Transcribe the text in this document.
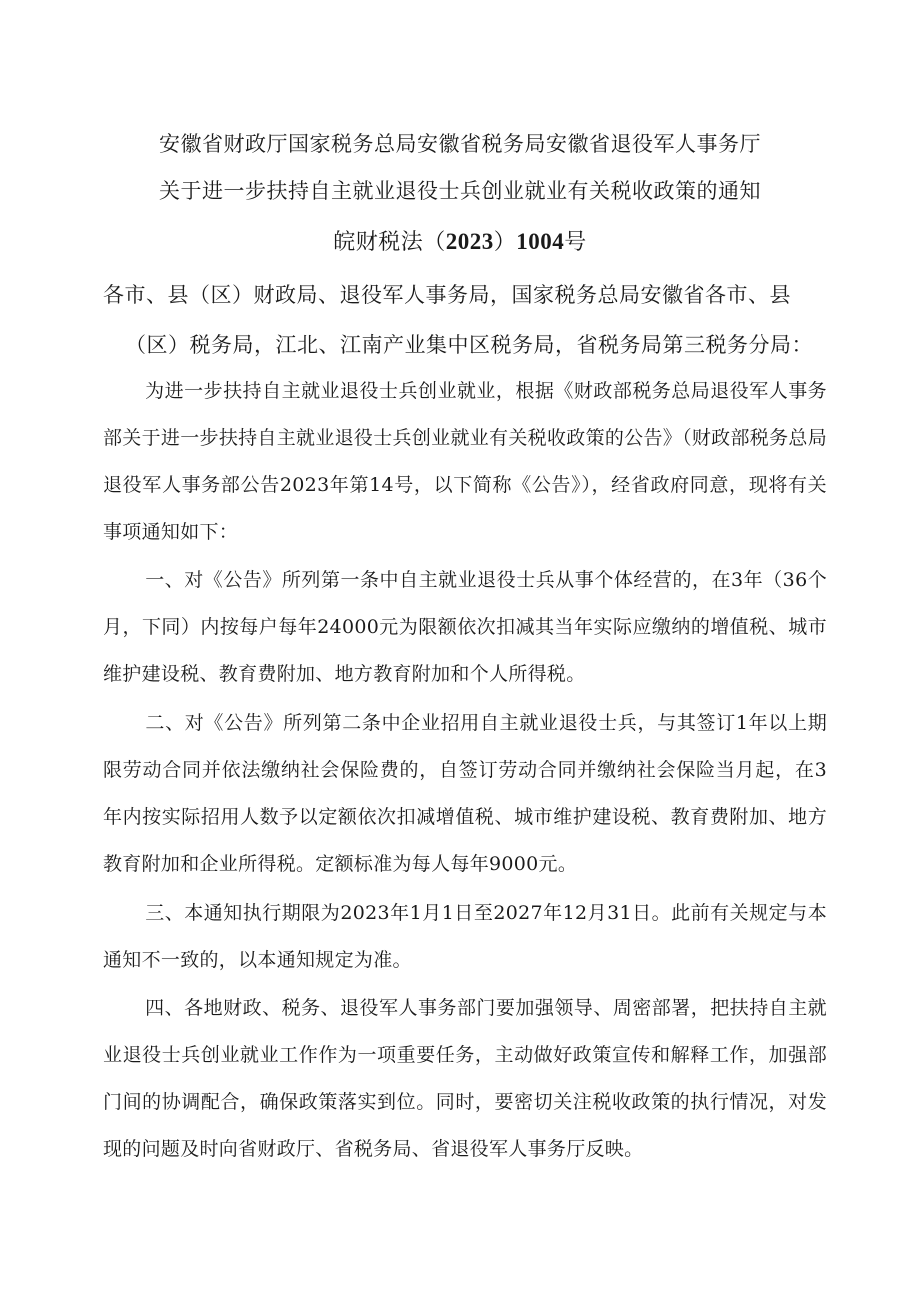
安徽省财政厅国家税务总局安徽省税务局安徽省退役军人事务厅
关于进一步扶持自主就业退役士兵创业就业有关税收政策的通知
皖财税法（2023）1004号
各市、县（区）财政局、退役军人事务局，国家税务总局安徽省各市、县
（区）税务局，江北、江南产业集中区税务局，省税务局第三税务分局：

为进一步扶持自主就业退役士兵创业就业，根据《财政部税务总局退役军人事务部关于进一步扶持自主就业退役士兵创业就业有关税收政策的公告》（财政部税务总局退役军人事务部公告2023年第14号，以下简称《公告》），经省政府同意，现将有关事项通知如下：

一、对《公告》所列第一条中自主就业退役士兵从事个体经营的，在3年（36个月，下同）内按每户每年24000元为限额依次扣减其当年实际应缴纳的增值税、城市维护建设税、教育费附加、地方教育附加和个人所得税。

二、对《公告》所列第二条中企业招用自主就业退役士兵，与其签订1年以上期限劳动合同并依法缴纳社会保险费的，自签订劳动合同并缴纳社会保险当月起，在3年内按实际招用人数予以定额依次扣减增值税、城市维护建设税、教育费附加、地方教育附加和企业所得税。定额标准为每人每年9000元。

三、本通知执行期限为2023年1月1日至2027年12月31日。此前有关规定与本通知不一致的，以本通知规定为准。

四、各地财政、税务、退役军人事务部门要加强领导、周密部署，把扶持自主就业退役士兵创业就业工作作为一项重要任务，主动做好政策宣传和解释工作，加强部门间的协调配合，确保政策落实到位。同时，要密切关注税收政策的执行情况，对发现的问题及时向省财政厅、省税务局、省退役军人事务厅反映。
